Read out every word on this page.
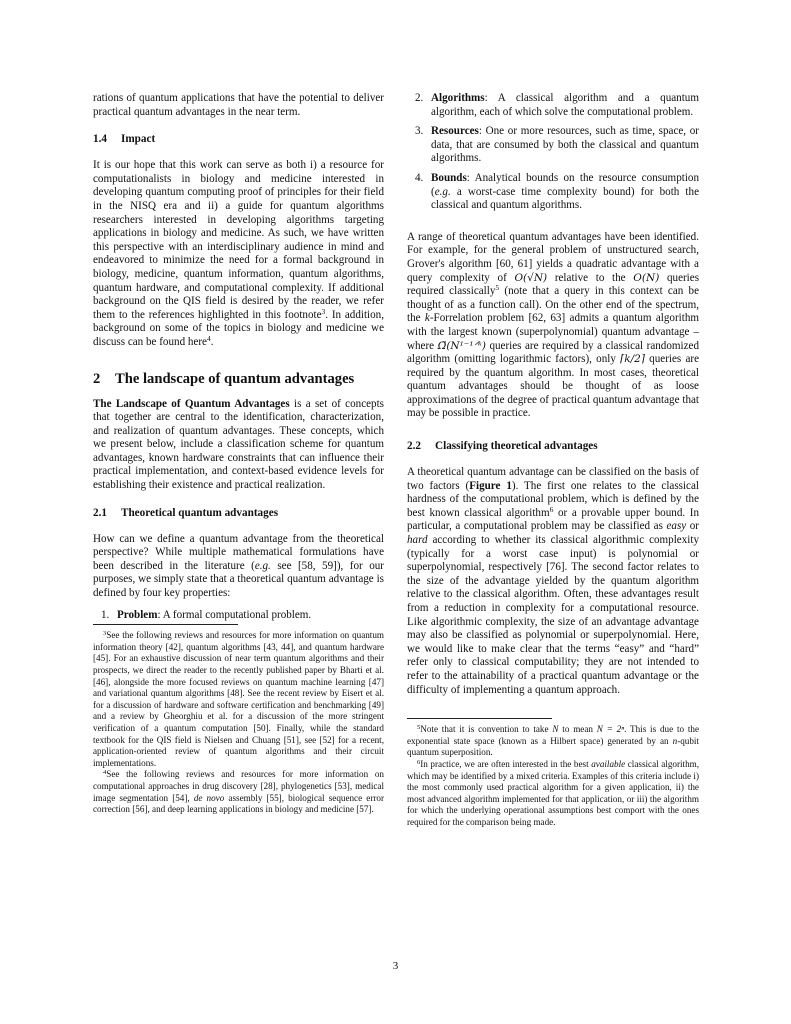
rations of quantum applications that have the potential to deliver practical quantum advantages in the near term.

1.4 Impact

It is our hope that this work can serve as both i) a resource for computationalists in biology and medicine interested in developing quantum computing proof of principles for their field in the NISQ era and ii) a guide for quantum algorithms researchers interested in developing algorithms targeting applications in biology and medicine. As such, we have written this perspective with an interdisciplinary audience in mind and endeavored to minimize the need for a formal background in biology, medicine, quantum information, quantum algorithms, quantum hardware, and computational complexity. If additional background on the QIS field is desired by the reader, we refer them to the references highlighted in this footnote$^3$. In addition, background on some of the topics in biology and medicine we discuss can be found here$^4$.

2 The landscape of quantum advantages

The Landscape of Quantum Advantages is a set of concepts that together are central to the identification, characterization, and realization of quantum advantages. These concepts, which we present below, include a classification scheme for quantum advantages, known hardware constraints that can influence their practical implementation, and context-based evidence levels for establishing their existence and practical realization.

2.1 Theoretical quantum advantages

How can we define a quantum advantage from the theoretical perspective? While multiple mathematical formulations have been described in the literature (e.g. see [58, 59]), for our purposes, we simply state that a theoretical quantum advantage is defined by four key properties:

1. Problem: A formal computational problem.

$^3$See the following reviews and resources for more information on quantum information theory [42], quantum algorithms [43, 44], and quantum hardware [45]. For an exhaustive discussion of near term quantum algorithms and their prospects, we direct the reader to the recently published paper by Bharti et al. [46], alongside the more focused reviews on quantum machine learning [47] and variational quantum algorithms [48]. See the recent review by Eisert et al. for a discussion of hardware and software certification and benchmarking [49] and a review by Gheorghiu et al. for a discussion of the more stringent verification of a quantum computation [50]. Finally, while the standard textbook for the QIS field is Nielsen and Chuang [51], see [52] for a recent, application-oriented review of quantum algorithms and their circuit implementations.

$^4$See the following reviews and resources for more information on computational approaches in drug discovery [28], phylogenetics [53], medical image segmentation [54], de novo assembly [55], biological sequence error correction [56], and deep learning applications in biology and medicine [57].

2. Algorithms: A classical algorithm and a quantum algorithm, each of which solve the computational problem.
3. Resources: One or more resources, such as time, space, or data, that are consumed by both the classical and quantum algorithms.
4. Bounds: Analytical bounds on the resource consumption (e.g. a worst-case time complexity bound) for both the classical and quantum algorithms.

A range of theoretical quantum advantages have been identified. For example, for the general problem of unstructured search, Grover's algorithm [60, 61] yields a quadratic advantage with a query complexity of O(√N) relative to the O(N) queries required classically$^5$ (note that a query in this context can be thought of as a function call). On the other end of the spectrum, the k-Forrelation problem [62, 63] admits a quantum algorithm with the largest known (superpolynomial) quantum advantage – where Ω̃(N¹⁻¹ᐟᵏ) queries are required by a classical randomized algorithm (omitting logarithmic factors), only ⌈k/2⌉ queries are required by the quantum algorithm. In most cases, theoretical quantum advantages should be thought of as loose approximations of the degree of practical quantum advantage that may be possible in practice.

2.2 Classifying theoretical advantages

A theoretical quantum advantage can be classified on the basis of two factors (Figure 1). The first one relates to the classical hardness of the computational problem, which is defined by the best known classical algorithm$^6$ or a provable upper bound. In particular, a computational problem may be classified as easy or hard according to whether its classical algorithmic complexity (typically for a worst case input) is polynomial or superpolynomial, respectively [76]. The second factor relates to the size of the advantage yielded by the quantum algorithm relative to the classical algorithm. Often, these advantages result from a reduction in complexity for a computational resource. Like algorithmic complexity, the size of an advantage advantage may also be classified as polynomial or superpolynomial. Here, we would like to make clear that the terms “easy” and “hard” refer only to classical computability; they are not intended to refer to the attainability of a practical quantum advantage or the difficulty of implementing a quantum approach.

$^5$Note that it is convention to take N to mean N = 2ⁿ. This is due to the exponential state space (known as a Hilbert space) generated by an n-qubit quantum superposition.

$^6$In practice, we are often interested in the best available classical algorithm, which may be identified by a mixed criteria. Examples of this criteria include i) the most commonly used practical algorithm for a given application, ii) the most advanced algorithm implemented for that application, or iii) the algorithm for which the underlying operational assumptions best comport with the ones required for the comparison being made.

3
